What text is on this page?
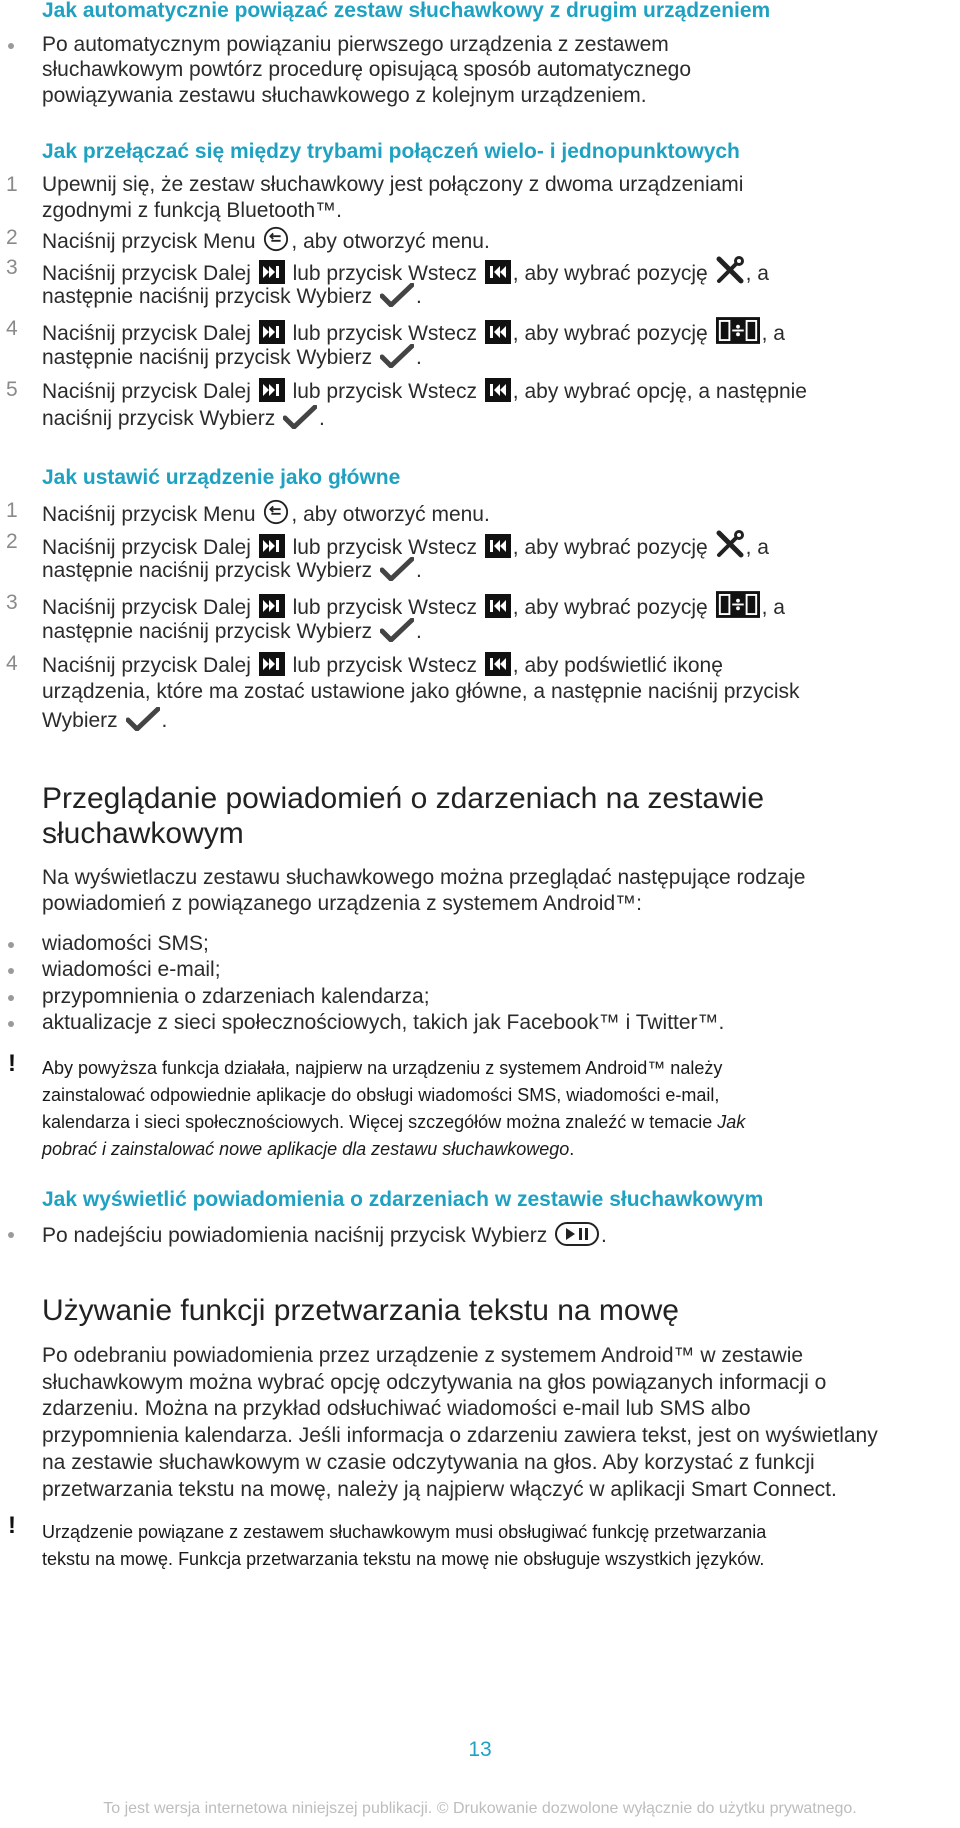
Jak automatycznie powiązać zestaw słuchawkowy z drugim urządzeniem
Po automatycznym powiązaniu pierwszego urządzenia z zestawem
słuchawkowym powtórz procedurę opisującą sposób automatycznego
powiązywania zestawu słuchawkowego z kolejnym urządzeniem.
Jak przełączać się między trybami połączeń wielo- i jednopunktowych
1 Upewnij się, że zestaw słuchawkowy jest połączony z dwoma urządzeniami
zgodnymi z funkcją Bluetooth™.
2 Naciśnij przycisk Menu , aby otworzyć menu.
3 Naciśnij przycisk Dalej lub przycisk Wstecz , aby wybrać pozycję , a
następnie naciśnij przycisk Wybierz .
4 Naciśnij przycisk Dalej lub przycisk Wstecz , aby wybrać pozycję	, a
następnie naciśnij przycisk Wybierz .
5 Naciśnij przycisk Dalej lub przycisk Wstecz , aby wybrać opcję, a następnie
naciśnij przycisk Wybierz .
Jak ustawić urządzenie jako główne
1 Naciśnij przycisk Menu , aby otworzyć menu.
2 Naciśnij przycisk Dalej lub przycisk Wstecz , aby wybrać pozycję , a
następnie naciśnij przycisk Wybierz .
3 Naciśnij przycisk Dalej lub przycisk Wstecz , aby wybrać pozycję	, a
następnie naciśnij przycisk Wybierz .
4 Naciśnij przycisk Dalej lub przycisk Wstecz , aby podświetlić ikonę
urządzenia, które ma zostać ustawione jako główne, a następnie naciśnij przycisk
Wybierz .
Przeglądanie powiadomień o zdarzeniach na zestawie
słuchawkowym
Na wyświetlaczu zestawu słuchawkowego można przeglądać następujące rodzaje
powiadomień z powiązanego urządzenia z systemem Android™:
wiadomości SMS;
wiadomości e-mail;
przypomnienia o zdarzeniach kalendarza;
aktualizacje z sieci społecznościowych, takich jak Facebook™ i Twitter™.
! Aby powyższa funkcja działała, najpierw na urządzeniu z systemem Android™ należy
zainstalować odpowiednie aplikacje do obsługi wiadomości SMS, wiadomości e-mail,
kalendarza i sieci społecznościowych. Więcej szczegółów można znaleźć w temacie Jak
pobrać i zainstalować nowe aplikacje dla zestawu słuchawkowego.
Jak wyświetlić powiadomienia o zdarzeniach w zestawie słuchawkowym
Po nadejściu powiadomienia naciśnij przycisk Wybierz	.
Używanie funkcji przetwarzania tekstu na mowę
Po odebraniu powiadomienia przez urządzenie z systemem Android™ w zestawie
słuchawkowym można wybrać opcję odczytywania na głos powiązanych informacji o
zdarzeniu. Można na przykład odsłuchiwać wiadomości e-mail lub SMS albo
przypomnienia kalendarza. Jeśli informacja o zdarzeniu zawiera tekst, jest on wyświetlany
na zestawie słuchawkowym w czasie odczytywania na głos. Aby korzystać z funkcji
przetwarzania tekstu na mowę, należy ją najpierw włączyć w aplikacji Smart Connect.
! Urządzenie powiązane z zestawem słuchawkowym musi obsługiwać funkcję przetwarzania
tekstu na mowę. Funkcja przetwarzania tekstu na mowę nie obsługuje wszystkich języków.
13
To jest wersja internetowa niniejszej publikacji. © Drukowanie dozwolone wyłącznie do użytku prywatnego.
